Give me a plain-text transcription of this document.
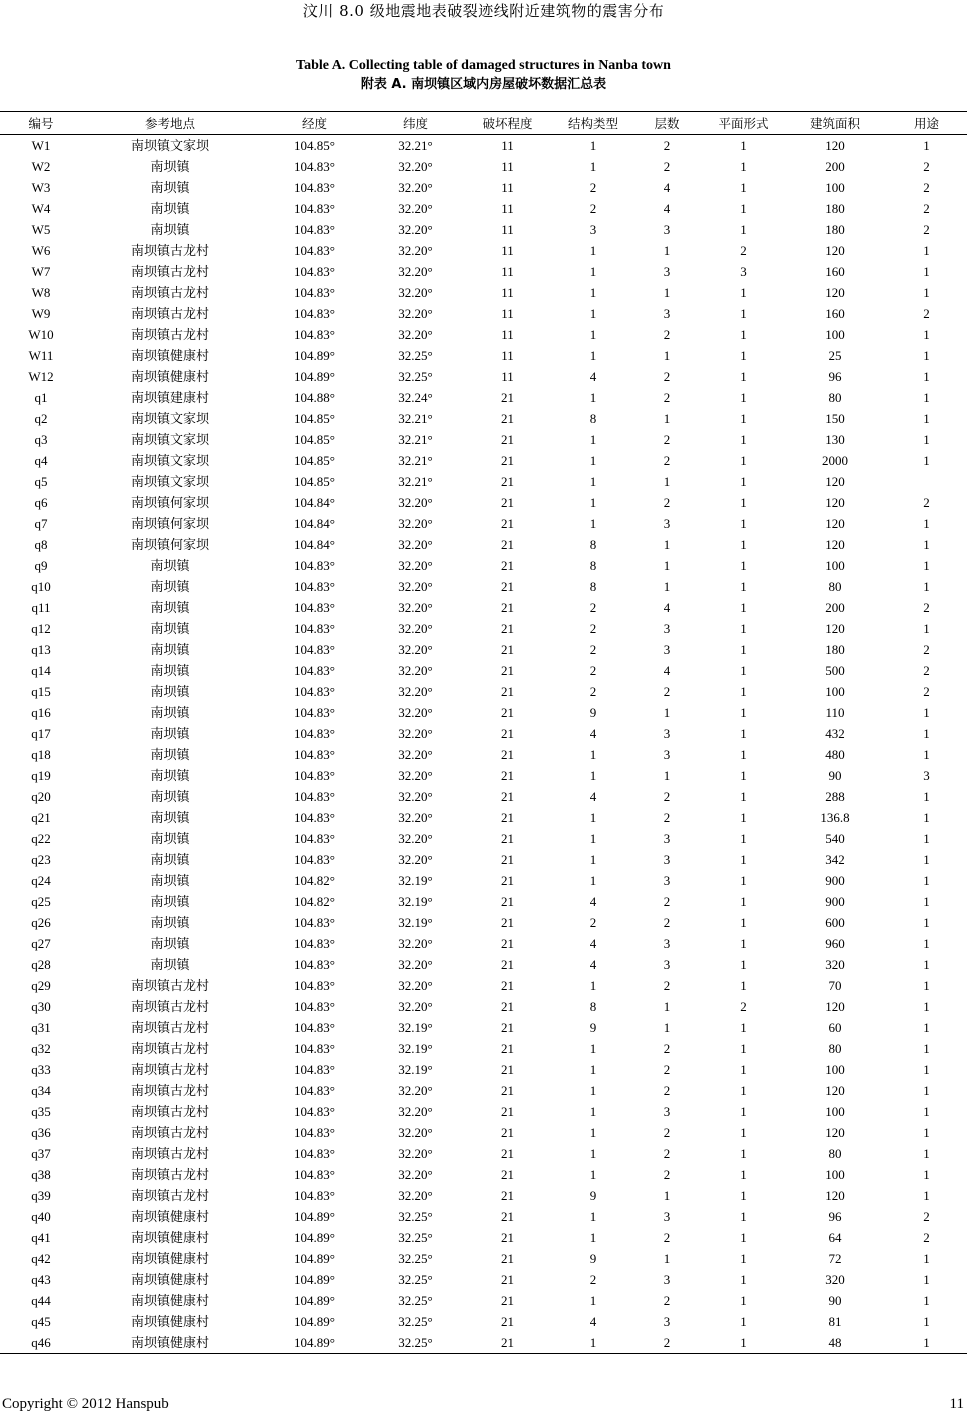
汶川 8.0 级地震地表破裂迹线附近建筑物的震害分布
Table A. Collecting table of damaged structures in Nanba town
附表 A. 南坝镇区域内房屋破坏数据汇总表
编号	参考地点	经度	纬度	破坏程度	结构类型	层数	平面形式	建筑面积	用途
W1	南坝镇文家坝	104.85°	32.21°	11	1	2	1	120	1
W2	南坝镇	104.83°	32.20°	11	1	2	1	200	2
W3	南坝镇	104.83°	32.20°	11	2	4	1	100	2
W4	南坝镇	104.83°	32.20°	11	2	4	1	180	2
W5	南坝镇	104.83°	32.20°	11	3	3	1	180	2
W6	南坝镇古龙村	104.83°	32.20°	11	1	1	2	120	1
W7	南坝镇古龙村	104.83°	32.20°	11	1	3	3	160	1
W8	南坝镇古龙村	104.83°	32.20°	11	1	1	1	120	1
W9	南坝镇古龙村	104.83°	32.20°	11	1	3	1	160	2
W10	南坝镇古龙村	104.83°	32.20°	11	1	2	1	100	1
W11	南坝镇健康村	104.89°	32.25°	11	1	1	1	25	1
W12	南坝镇健康村	104.89°	32.25°	11	4	2	1	96	1
q1	南坝镇建康村	104.88°	32.24°	21	1	2	1	80	1
q2	南坝镇文家坝	104.85°	32.21°	21	8	1	1	150	1
q3	南坝镇文家坝	104.85°	32.21°	21	1	2	1	130	1
q4	南坝镇文家坝	104.85°	32.21°	21	1	2	1	2000	1
q5	南坝镇文家坝	104.85°	32.21°	21	1	1	1	120	
q6	南坝镇何家坝	104.84°	32.20°	21	1	2	1	120	2
q7	南坝镇何家坝	104.84°	32.20°	21	1	3	1	120	1
q8	南坝镇何家坝	104.84°	32.20°	21	8	1	1	120	1
q9	南坝镇	104.83°	32.20°	21	8	1	1	100	1
q10	南坝镇	104.83°	32.20°	21	8	1	1	80	1
q11	南坝镇	104.83°	32.20°	21	2	4	1	200	2
q12	南坝镇	104.83°	32.20°	21	2	3	1	120	1
q13	南坝镇	104.83°	32.20°	21	2	3	1	180	2
q14	南坝镇	104.83°	32.20°	21	2	4	1	500	2
q15	南坝镇	104.83°	32.20°	21	2	2	1	100	2
q16	南坝镇	104.83°	32.20°	21	9	1	1	110	1
q17	南坝镇	104.83°	32.20°	21	4	3	1	432	1
q18	南坝镇	104.83°	32.20°	21	1	3	1	480	1
q19	南坝镇	104.83°	32.20°	21	1	1	1	90	3
q20	南坝镇	104.83°	32.20°	21	4	2	1	288	1
q21	南坝镇	104.83°	32.20°	21	1	2	1	136.8	1
q22	南坝镇	104.83°	32.20°	21	1	3	1	540	1
q23	南坝镇	104.83°	32.20°	21	1	3	1	342	1
q24	南坝镇	104.82°	32.19°	21	1	3	1	900	1
q25	南坝镇	104.82°	32.19°	21	4	2	1	900	1
q26	南坝镇	104.83°	32.19°	21	2	2	1	600	1
q27	南坝镇	104.83°	32.20°	21	4	3	1	960	1
q28	南坝镇	104.83°	32.20°	21	4	3	1	320	1
q29	南坝镇古龙村	104.83°	32.20°	21	1	2	1	70	1
q30	南坝镇古龙村	104.83°	32.20°	21	8	1	2	120	1
q31	南坝镇古龙村	104.83°	32.19°	21	9	1	1	60	1
q32	南坝镇古龙村	104.83°	32.19°	21	1	2	1	80	1
q33	南坝镇古龙村	104.83°	32.19°	21	1	2	1	100	1
q34	南坝镇古龙村	104.83°	32.20°	21	1	2	1	120	1
q35	南坝镇古龙村	104.83°	32.20°	21	1	3	1	100	1
q36	南坝镇古龙村	104.83°	32.20°	21	1	2	1	120	1
q37	南坝镇古龙村	104.83°	32.20°	21	1	2	1	80	1
q38	南坝镇古龙村	104.83°	32.20°	21	1	2	1	100	1
q39	南坝镇古龙村	104.83°	32.20°	21	9	1	1	120	1
q40	南坝镇健康村	104.89°	32.25°	21	1	3	1	96	2
q41	南坝镇健康村	104.89°	32.25°	21	1	2	1	64	2
q42	南坝镇健康村	104.89°	32.25°	21	9	1	1	72	1
q43	南坝镇健康村	104.89°	32.25°	21	2	3	1	320	1
q44	南坝镇健康村	104.89°	32.25°	21	1	2	1	90	1
q45	南坝镇健康村	104.89°	32.25°	21	4	3	1	81	1
q46	南坝镇健康村	104.89°	32.25°	21	1	2	1	48	1
Copyright © 2012 Hanspub	11
